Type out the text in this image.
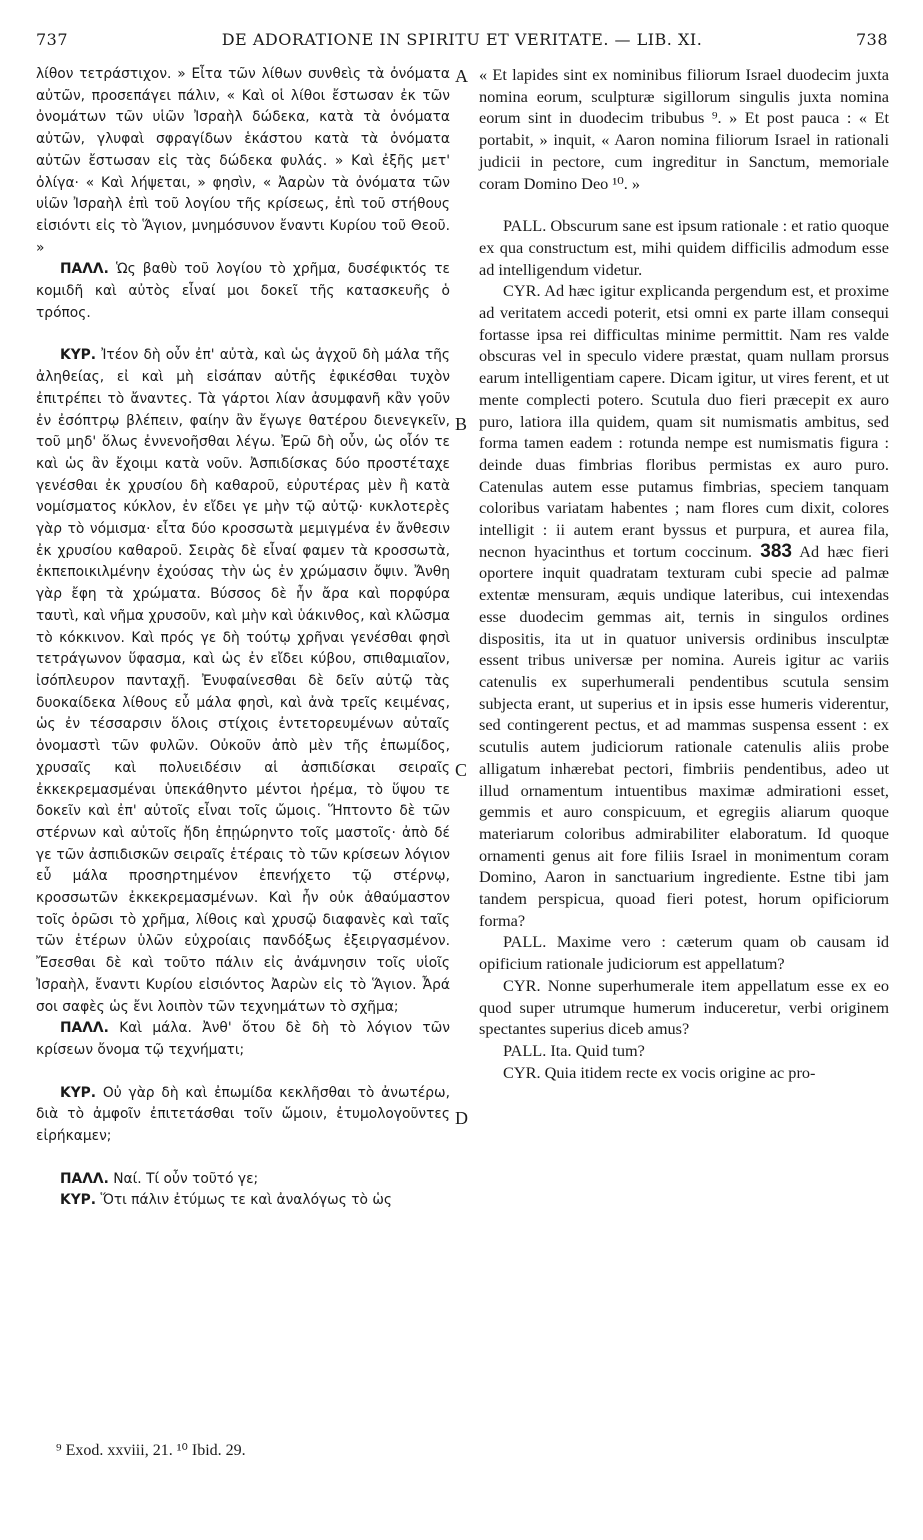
737	DE ADORATIONE IN SPIRITU ET VERITATE. — LIB. XI.	738

λίθον τετράστιχον. » Εἶτα τῶν λίθων συνθεὶς τὰ ὀνόματα αὐτῶν, προσεπάγει πάλιν, « Καὶ οἱ λίθοι ἔστωσαν ἐκ τῶν ὀνομάτων τῶν υἱῶν Ἰσραὴλ δώδεκα, κατὰ τὰ ὀνόματα αὐτῶν, γλυφαὶ σφραγίδων ἑκάστου κατὰ τὰ ὀνόματα αὐτῶν ἔστωσαν εἰς τὰς δώδεκα φυλάς. » Καὶ ἐξῆς μετ' ὀλίγα· « Καὶ λήψεται, » φησὶν, « Ἀαρὼν τὰ ὀνόματα τῶν υἱῶν Ἰσραὴλ ἐπὶ τοῦ λογίου τῆς κρίσεως, ἐπὶ τοῦ στήθους εἰσιόντι εἰς τὸ Ἅγιον, μνημόσυνον ἔναντι Κυρίου τοῦ Θεοῦ. »

ΠΑΛΛ. Ὡς βαθὺ τοῦ λογίου τὸ χρῆμα, δυσέφικτός τε κομιδῆ καὶ αὐτὸς εἶναί μοι δοκεῖ τῆς κατασκευῆς ὁ τρόπος.

ΚΥΡ. Ἰτέον δὴ οὖν ἐπ' αὐτὰ, καὶ ὡς ἀγχοῦ δὴ μάλα τῆς ἀληθείας, εἰ καὶ μὴ εἰσάπαν αὐτῆς ἐφικέσθαι τυχὸν ἐπιτρέπει τὸ ἄναντες. Τὰ γάρτοι λίαν ἀσυμφανῆ κἂν γοῦν ἐν ἐσόπτρῳ βλέπειν, φαίην ἂν ἔγωγε θατέρου διενεγκεῖν, τοῦ μηδ' ὅλως ἐννενοῆσθαι λέγω. Ἐρῶ δὴ οὖν, ὡς οἷόν τε καὶ ὡς ἂν ἔχοιμι κατὰ νοῦν. Ἀσπιδίσκας δύο προστέταχε γενέσθαι ἐκ χρυσίου δὴ καθαροῦ, εὐρυτέρας μὲν ἢ κατὰ νομίσματος κύκλον, ἐν εἴδει γε μὴν τῷ αὐτῷ· κυκλοτερὲς γὰρ τὸ νόμισμα· εἶτα δύο κροσσωτὰ μεμιγμένα ἐν ἄνθεσιν ἐκ χρυσίου καθαροῦ. Σειρὰς δὲ εἶναί φαμεν τὰ κροσσωτὰ, ἐκπεποικιλμένην ἐχούσας τὴν ὡς ἐν χρώμασιν ὄψιν. Ἄνθη γὰρ ἔφη τὰ χρώματα. Βύσσος δὲ ἦν ἄρα καὶ πορφύρα ταυτὶ, καὶ νῆμα χρυσοῦν, καὶ μὴν καὶ ὑάκινθος, καὶ κλῶσμα τὸ κόκκινον. Καὶ πρός γε δὴ τούτῳ χρῆναι γενέσθαι φησὶ τετράγωνον ὕφασμα, καὶ ὡς ἐν εἴδει κύβου, σπιθαμιαῖον, ἰσόπλευρον πανταχῇ. Ἐνυφαίνεσθαι δὲ δεῖν αὐτῷ τὰς δυοκαίδεκα λίθους εὖ μάλα φησὶ, καὶ ἀνὰ τρεῖς κειμένας, ὡς ἐν τέσσαρσιν ὅλοις στίχοις ἐντετορευμένων αὐταῖς ὀνομαστὶ τῶν φυλῶν. Οὐκοῦν ἀπὸ μὲν τῆς ἐπωμίδος, χρυσαῖς καὶ πολυειδέσιν αἱ ἀσπιδίσκαι σειραῖς ἐκκεκρεμασμέναι ὑπεκάθηντο μέντοι ἠρέμα, τὸ ὕψου τε δοκεῖν καὶ ἐπ' αὐτοῖς εἶναι τοῖς ὤμοις. Ἥπτοντο δὲ τῶν στέρνων καὶ αὐτοῖς ἤδη ἐπῃώρηντο τοῖς μαστοῖς· ἀπὸ δέ γε τῶν ἀσπιδισκῶν σειραῖς ἑτέραις τὸ τῶν κρίσεων λόγιον εὖ μάλα προσηρτημένον ἐπενήχετο τῷ στέρνῳ, κροσσωτῶν ἐκκεκρεμασμένων. Καὶ ἦν οὐκ ἀθαύμαστον τοῖς ὁρῶσι τὸ χρῆμα, λίθοις καὶ χρυσῷ διαφανὲς καὶ ταῖς τῶν ἑτέρων ὑλῶν εὐχροίαις πανδόξως ἐξειργασμένον. Ἔσεσθαι δὲ καὶ τοῦτο πάλιν εἰς ἀνάμνησιν τοῖς υἱοῖς Ἰσραὴλ, ἔναντι Κυρίου εἰσιόντος Ἀαρὼν εἰς τὸ Ἅγιον. Ἆρά σοι σαφὲς ὡς ἔνι λοιπὸν τῶν τεχνημάτων τὸ σχῆμα;

ΠΑΛΛ. Καὶ μάλα. Ἀνθ' ὅτου δὲ δὴ τὸ λόγιον τῶν κρίσεων ὄνομα τῷ τεχνήματι;

ΚΥΡ. Οὐ γὰρ δὴ καὶ ἐπωμίδα κεκλῆσθαι τὸ ἀνωτέρω, διὰ τὸ ἀμφοῖν ἐπιτετάσθαι τοῖν ὤμοιν, ἐτυμολογοῦντες εἰρήκαμεν;

ΠΑΛΛ. Ναί. Τί οὖν τοῦτό γε;

ΚΥΡ. Ὅτι πάλιν ἐτύμως τε καὶ ἀναλόγως τὸ ὡς

A
B
C
D

« Et lapides sint ex nominibus filiorum Israel duodecim juxta nomina eorum, sculpturæ sigillorum singulis juxta nomina eorum sint in duodecim tribubus ⁹. » Et post pauca : « Et portabit, » inquit, « Aaron nomina filiorum Israel in rationali judicii in pectore, cum ingreditur in Sanctum, memoriale coram Domino Deo ¹⁰. »

PALL. Obscurum sane est ipsum rationale : et ratio quoque ex qua constructum est, mihi quidem difficilis admodum esse ad intelligendum videtur.

CYR. Ad hæc igitur explicanda pergendum est, et proxime ad veritatem accedi poterit, etsi omni ex parte illam consequi fortasse ipsa rei difficultas minime permittit. Nam res valde obscuras vel in speculo videre præstat, quam nullam prorsus earum intelligentiam capere. Dicam igitur, ut vires ferent, et ut mente complecti potero. Scutula duo fieri præcepit ex auro puro, latiora illa quidem, quam sit numismatis ambitus, sed forma tamen eadem : rotunda nempe est numismatis figura : deinde duas fimbrias floribus permistas ex auro puro. Catenulas autem esse putamus fimbrias, speciem tanquam coloribus variatam habentes ; nam flores cum dixit, colores intelligit : ii autem erant byssus et purpura, et aurea fila, necnon hyacinthus et tortum coccinum. 383 Ad hæc fieri oportere inquit quadratam texturam cubi specie ad palmæ extentæ mensuram, æquis undique lateribus, cui intexendas esse duodecim gemmas ait, ternis in singulos ordines dispositis, ita ut in quatuor universis ordinibus insculptæ essent tribus universæ per nomina. Aureis igitur ac variis catenulis ex superhumerali pendentibus scutula sensim subjecta erant, ut superius et in ipsis esse humeris viderentur, sed contingerent pectus, et ad mammas suspensa essent : ex scutulis autem judiciorum rationale catenulis aliis probe alligatum inhærebat pectori, fimbriis pendentibus, adeo ut illud ornamentum intuentibus maximæ admirationi esset, gemmis et auro conspicuum, et egregiis aliarum quoque materiarum coloribus admirabiliter elaboratum. Id quoque ornamenti genus ait fore filiis Israel in monimentum coram Domino, Aaron in sanctuarium ingrediente. Estne tibi jam tandem perspicua, quoad fieri potest, horum opificiorum forma?

PALL. Maxime vero : cæterum quam ob causam id opificium rationale judiciorum est appellatum?

CYR. Nonne superhumerale item appellatum esse ex eo quod super utrumque humerum induceretur, verbi originem spectantes superius diceb amus?

PALL. Ita. Quid tum?

CYR. Quia itidem recte ex vocis origine ac pro-

⁹ Exod. xxviii, 21. ¹⁰ Ibid. 29.
